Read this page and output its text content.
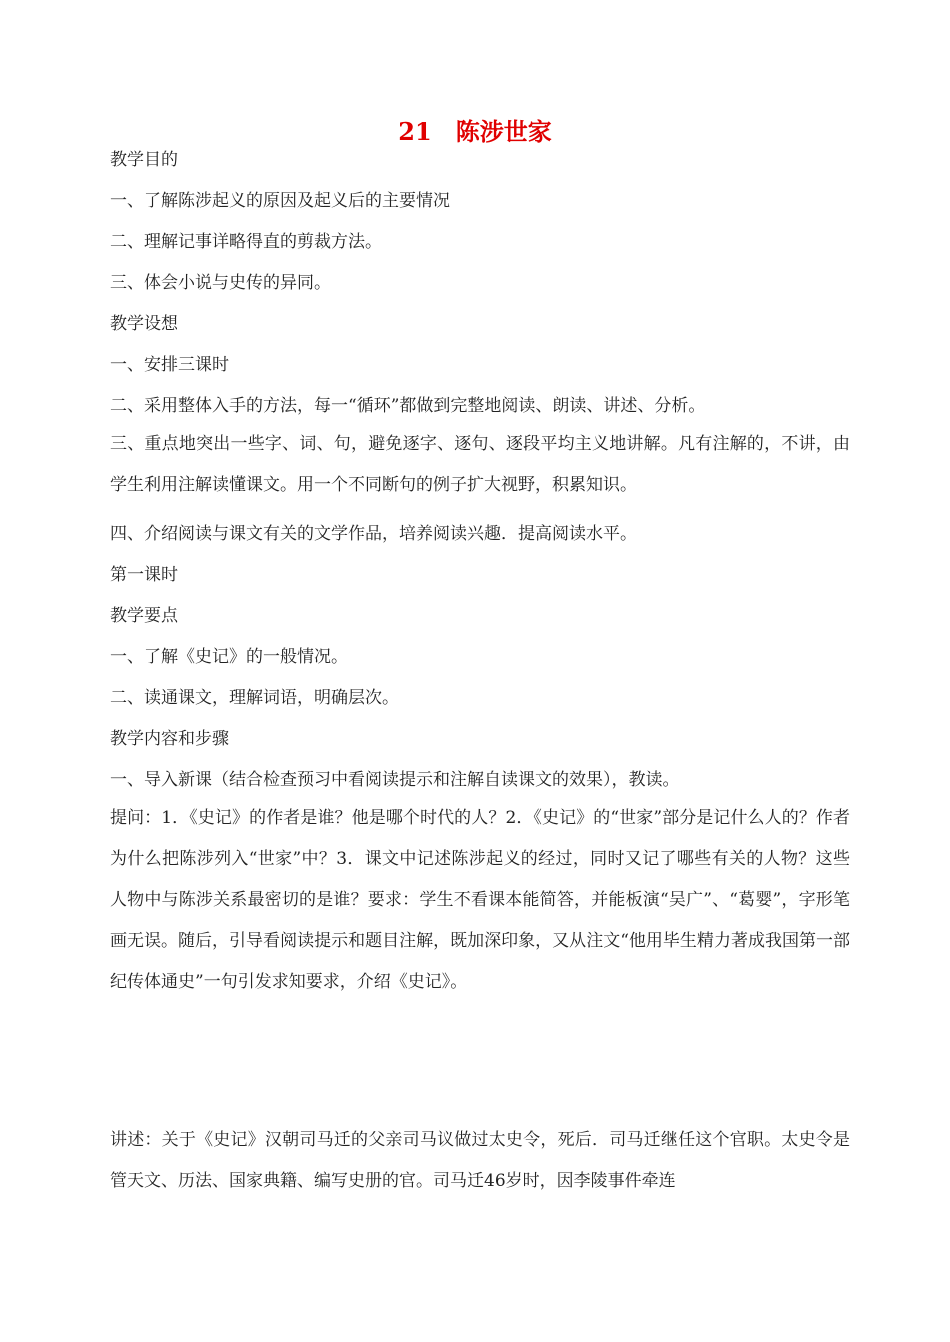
21　陈涉世家
教学目的
一、了解陈涉起义的原因及起义后的主要情况
二、理解记事详略得直的剪裁方法。
三、体会小说与史传的异同。
教学设想
一、安排三课时
二、采用整体入手的方法，每一“循环”都做到完整地阅读、朗读、讲述、分析。
三、重点地突出一些字、词、句，避免逐字、逐句、逐段平均主义地讲解。凡有注解的，不讲，由学生利用注解读懂课文。用一个不同断句的例子扩大视野，积累知识。
四、介绍阅读与课文有关的文学作品，培养阅读兴趣．提高阅读水平。
第一课时
教学要点
一、了解《史记》的一般情况。
二、读通课文，理解词语，明确层次。
教学内容和步骤
一、导入新课（结合检查预习中看阅读提示和注解自读课文的效果），教读。
提问：1．《史记》的作者是谁？他是哪个时代的人？2．《史记》的“世家”部分是记什么人的？作者为什么把陈涉列入“世家”中？3．课文中记述陈涉起义的经过，同时又记了哪些有关的人物？这些人物中与陈涉关系最密切的是谁？要求：学生不看课本能简答，并能板演“吴广”、“葛婴”，字形笔画无误。随后，引导看阅读提示和题目注解，既加深印象，又从注文“他用毕生精力著成我国第一部纪传体通史”一句引发求知要求，介绍《史记》。
讲述：关于《史记》汉朝司马迁的父亲司马议做过太史令，死后．司马迁继任这个官职。太史令是管天文、历法、国家典籍、编写史册的官。司马迁46岁时，因李陵事件牵连
